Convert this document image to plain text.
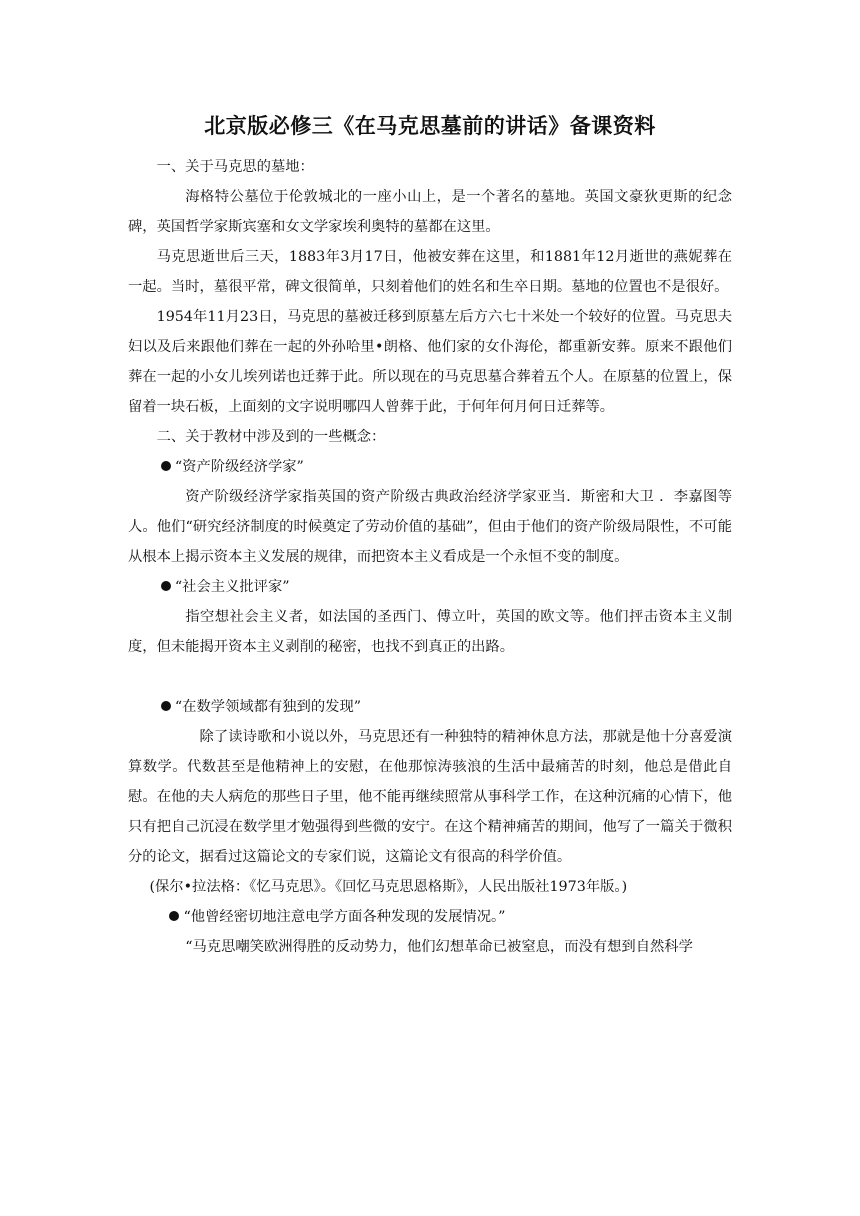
北京版必修三《在马克思墓前的讲话》备课资料

一、关于马克思的墓地：

海格特公墓位于伦敦城北的一座小山上，是一个著名的墓地。英国文豪狄更斯的纪念碑，英国哲学家斯宾塞和女文学家埃利奥特的墓都在这里。

马克思逝世后三天，1883年3月17日，他被安葬在这里，和1881年12月逝世的燕妮葬在一起。当时，墓很平常，碑文很简单，只刻着他们的姓名和生卒日期。墓地的位置也不是很好。

1954年11月23日，马克思的墓被迁移到原墓左后方六七十米处一个较好的位置。马克思夫妇以及后来跟他们葬在一起的外孙哈里•朗格、他们家的女仆海伦，都重新安葬。原来不跟他们葬在一起的小女儿埃列诺也迁葬于此。所以现在的马克思墓合葬着五个人。在原墓的位置上，保留着一块石板，上面刻的文字说明哪四人曾葬于此，于何年何月何日迁葬等。

二、关于教材中涉及到的一些概念：

“资产阶级经济学家”

资产阶级经济学家指英国的资产阶级古典政治经济学家亚当．斯密和大卫 ．李嘉图等人。他们“研究经济制度的时候奠定了劳动价值的基础”，但由于他们的资产阶级局限性，不可能从根本上揭示资本主义发展的规律，而把资本主义看成是一个永恒不变的制度。

“社会主义批评家”

指空想社会主义者，如法国的圣西门、傅立叶，英国的欧文等。他们抨击资本主义制度，但未能揭开资本主义剥削的秘密，也找不到真正的出路。

“在数学领域都有独到的发现”

除了读诗歌和小说以外，马克思还有一种独特的精神休息方法，那就是他十分喜爱演算数学。代数甚至是他精神上的安慰，在他那惊涛骇浪的生活中最痛苦的时刻，他总是借此自慰。在他的夫人病危的那些日子里，他不能再继续照常从事科学工作，在这种沉痛的心情下，他只有把自己沉浸在数学里才勉强得到些微的安宁。在这个精神痛苦的期间，他写了一篇关于微积分的论文，据看过这篇论文的专家们说，这篇论文有很高的科学价值。

(保尔•拉法格：《忆马克思》。《回忆马克思恩格斯》，人民出版社1973年版。)

“他曾经密切地注意电学方面各种发现的发展情况。”

“马克思嘲笑欧洲得胜的反动势力，他们幻想革命已被窒息，而没有想到自然科学
